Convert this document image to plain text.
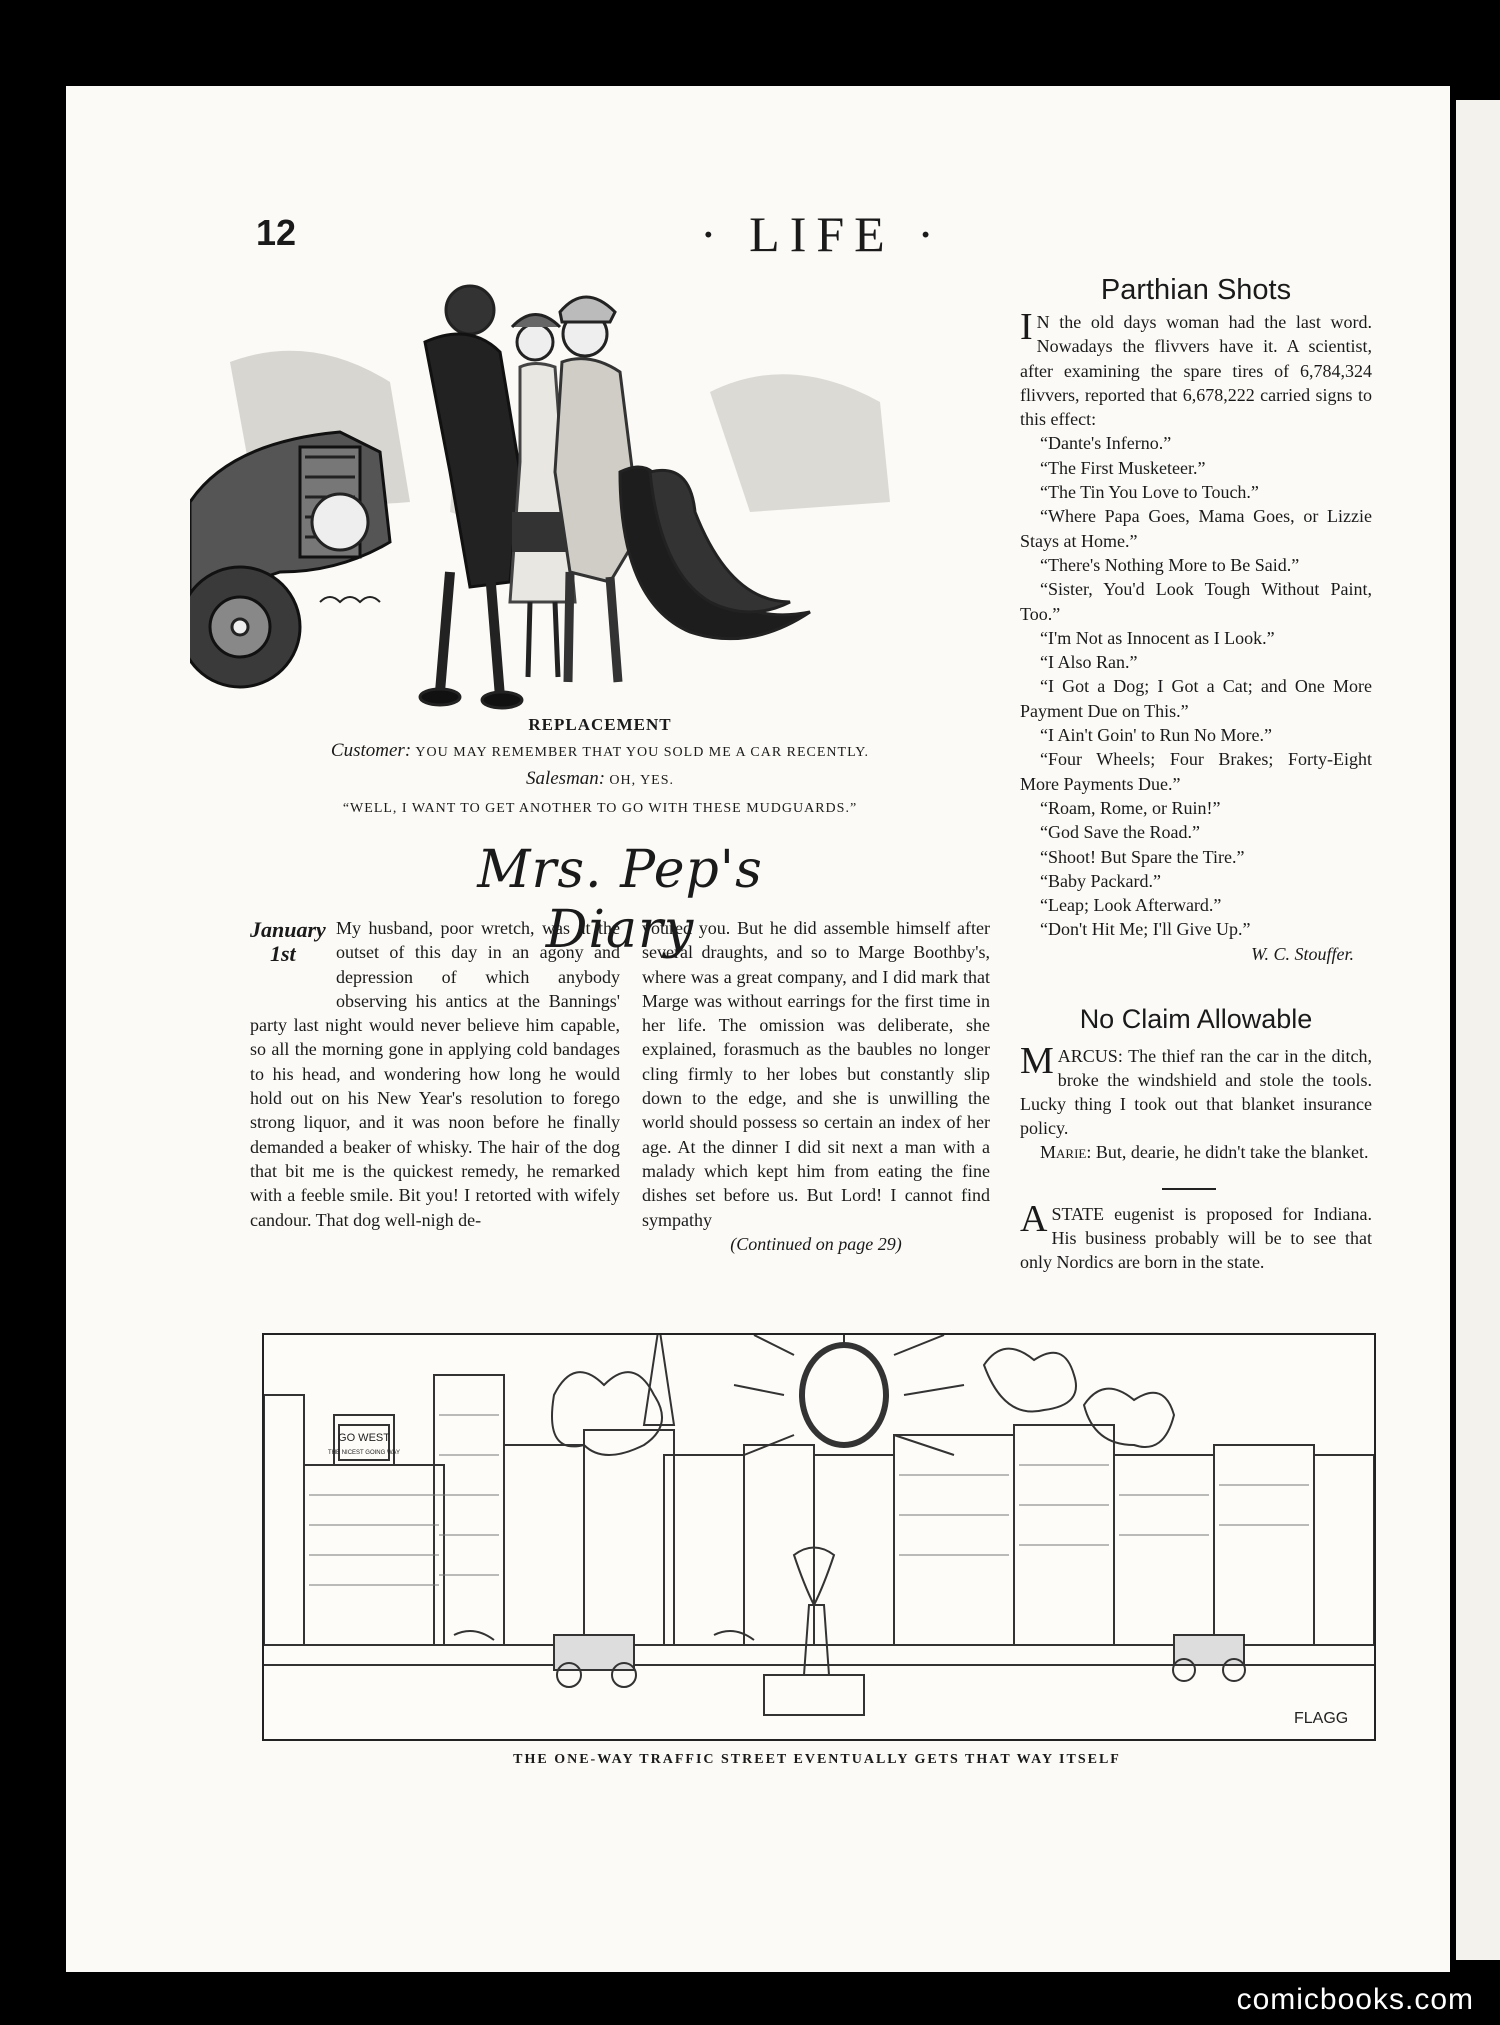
12	· LIFE ·
REPLACEMENT
Customer: YOU MAY REMEMBER THAT YOU SOLD ME A CAR RECENTLY.
Salesman: OH, YES.
“WELL, I WANT TO GET ANOTHER TO GO WITH THESE MUDGUARDS.”
Mrs. Pep's Diary
January
1st
My husband, poor wretch, was at the outset of this day in an agony and depression of which anybody observing his antics at the Bannings' party last night would never believe him capable, so all the morning gone in applying cold bandages to his head, and wondering how long he would hold out on his New Year's resolution to forego strong liquor, and it was noon before he finally demanded a beaker of whisky. The hair of the dog that bit me is the quickest remedy, he remarked with a feeble smile. Bit you! I retorted with wifely candour. That dog well-nigh de-
voured you. But he did assemble himself after several draughts, and so to Marge Boothby's, where was a great company, and I did mark that Marge was without earrings for the first time in her life. The omission was deliberate, she explained, forasmuch as the baubles no longer cling firmly to her lobes but constantly slip down to the edge, and she is unwilling the world should possess so certain an index of her age. At the dinner I did sit next a man with a malady which kept him from eating the fine dishes set before us. But Lord! I cannot find sympathy
(Continued on page 29)
Parthian Shots
I N the old days woman had the last word. Nowadays the flivvers have it. A scientist, after examining the spare tires of 6,784,324 flivvers, reported that 6,678,222 carried signs to this effect:
“Dante's Inferno.”
“The First Musketeer.”
“The Tin You Love to Touch.”
“Where Papa Goes, Mama Goes, or Lizzie Stays at Home.”
“There's Nothing More to Be Said.”
“Sister, You'd Look Tough Without Paint, Too.”
“I'm Not as Innocent as I Look.”
“I Also Ran.”
“I Got a Dog; I Got a Cat; and One More Payment Due on This.”
“I Ain't Goin' to Run No More.”
“Four Wheels; Four Brakes; Forty-Eight More Payments Due.”
“Roam, Rome, or Ruin!”
“God Save the Road.”
“Shoot! But Spare the Tire.”
“Baby Packard.”
“Leap; Look Afterward.”
“Don't Hit Me; I'll Give Up.”
W. C. Stouffer.
No Claim Allowable
MARCUS: The thief ran the car in the ditch, broke the windshield and stole the tools. Lucky thing I took out that blanket insurance policy.
Marie: But, dearie, he didn't take the blanket.
A STATE eugenist is proposed for Indiana. His business probably will be to see that only Nordics are born in the state.
GO WEST
THE NICEST GOING WAY
FLAGG
THE ONE-WAY TRAFFIC STREET EVENTUALLY GETS THAT WAY ITSELF
comicbooks.com
